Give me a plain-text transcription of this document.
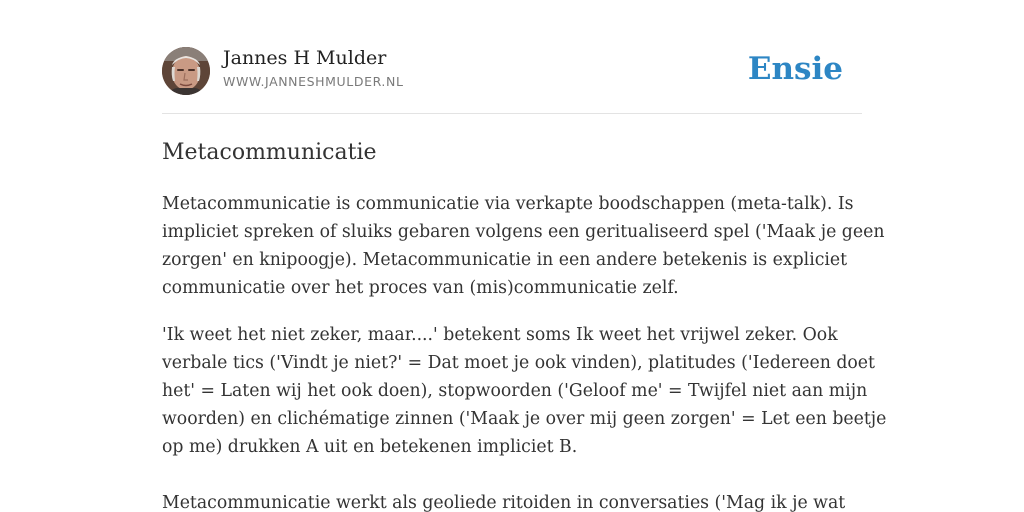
Jannes H Mulder
WWW.JANNESHMULDER.NL	Ensie
Metacommunicatie

Metacommunicatie is communicatie via verkapte boodschappen (meta-talk). Is
impliciet spreken of sluiks gebaren volgens een geritualiseerd spel ('Maak je geen
zorgen' en knipoogje). Metacommunicatie in een andere betekenis is expliciet
communicatie over het proces van (mis)communicatie zelf.

'Ik weet het niet zeker, maar....' betekent soms Ik weet het vrijwel zeker. Ook
verbale tics ('Vindt je niet?' = Dat moet je ook vinden), platitudes ('Iedereen doet
het' = Laten wij het ook doen), stopwoorden ('Geloof me' = Twijfel niet aan mijn
woorden) en clichématige zinnen ('Maak je over mij geen zorgen' = Let een beetje
op me) drukken A uit en betekenen impliciet B.
Metacommunicatie werkt als geoliede ritoiden in conversaties ('Mag ik je wat
